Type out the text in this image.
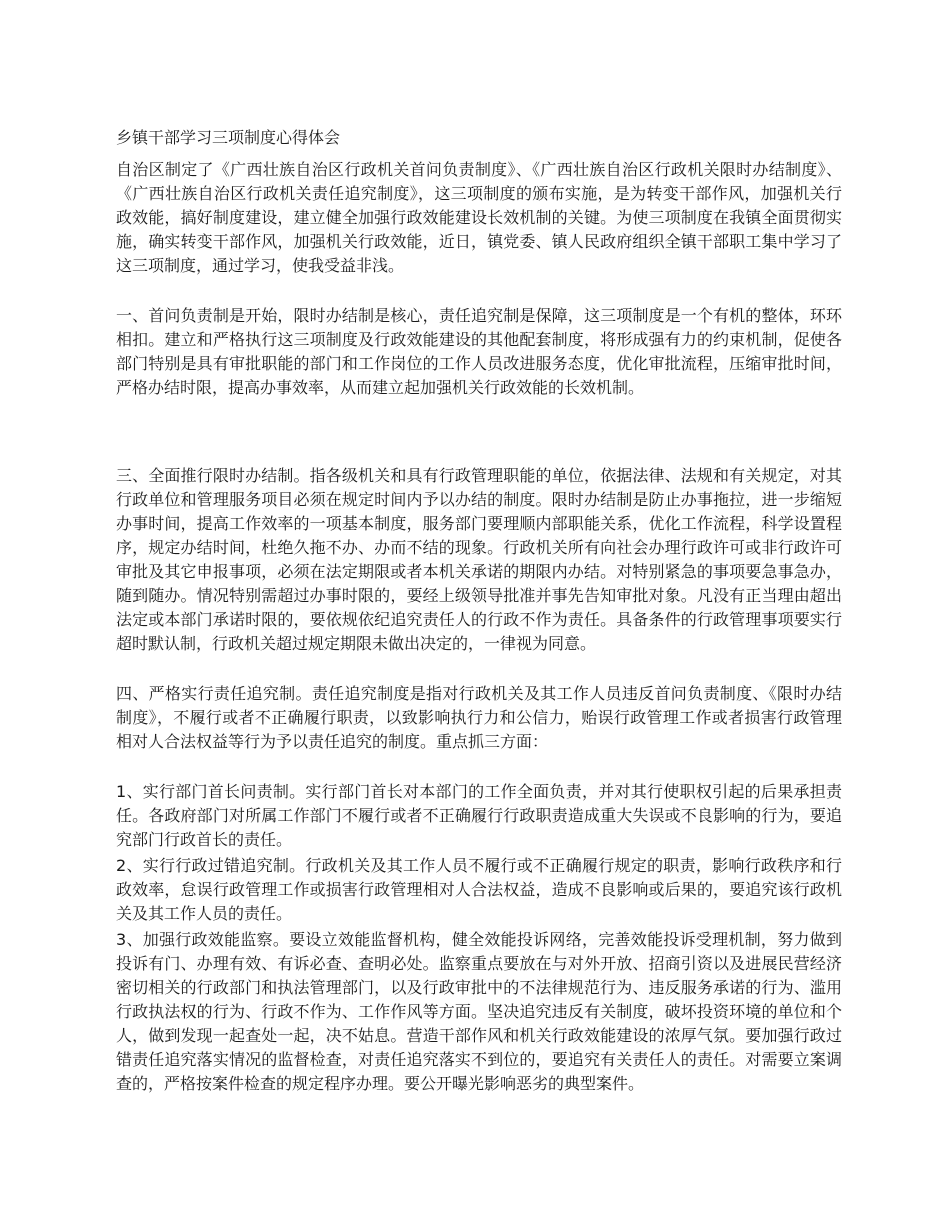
乡镇干部学习三项制度心得体会

自治区制定了《广西壮族自治区行政机关首问负责制度》、《广西壮族自治区行政机关限时办结制度》、《广西壮族自治区行政机关责任追究制度》，这三项制度的颁布实施，是为转变干部作风，加强机关行政效能，搞好制度建设，建立健全加强行政效能建设长效机制的关键。为使三项制度在我镇全面贯彻实施，确实转变干部作风，加强机关行政效能，近日，镇党委、镇人民政府组织全镇干部职工集中学习了这三项制度，通过学习，使我受益非浅。

一、首问负责制是开始，限时办结制是核心，责任追究制是保障，这三项制度是一个有机的整体，环环相扣。建立和严格执行这三项制度及行政效能建设的其他配套制度，将形成强有力的约束机制，促使各部门特别是具有审批职能的部门和工作岗位的工作人员改进服务态度，优化审批流程，压缩审批时间，严格办结时限，提高办事效率，从而建立起加强机关行政效能的长效机制。

三、全面推行限时办结制。指各级机关和具有行政管理职能的单位，依据法律、法规和有关规定，对其行政单位和管理服务项目必须在规定时间内予以办结的制度。限时办结制是防止办事拖拉，进一步缩短办事时间，提高工作效率的一项基本制度，服务部门要理顺内部职能关系，优化工作流程，科学设置程序，规定办结时间，杜绝久拖不办、办而不结的现象。行政机关所有向社会办理行政许可或非行政许可审批及其它申报事项，必须在法定期限或者本机关承诺的期限内办结。对特别紧急的事项要急事急办，随到随办。情况特别需超过办事时限的，要经上级领导批准并事先告知审批对象。凡没有正当理由超出法定或本部门承诺时限的，要依规依纪追究责任人的行政不作为责任。具备条件的行政管理事项要实行超时默认制，行政机关超过规定期限未做出决定的，一律视为同意。

四、严格实行责任追究制。责任追究制度是指对行政机关及其工作人员违反首问负责制度、《限时办结制度》，不履行或者不正确履行职责，以致影响执行力和公信力，贻误行政管理工作或者损害行政管理相对人合法权益等行为予以责任追究的制度。重点抓三方面：

1、实行部门首长问责制。实行部门首长对本部门的工作全面负责，并对其行使职权引起的后果承担责任。各政府部门对所属工作部门不履行或者不正确履行行政职责造成重大失误或不良影响的行为，要追究部门行政首长的责任。

2、实行行政过错追究制。行政机关及其工作人员不履行或不正确履行规定的职责，影响行政秩序和行政效率，怠误行政管理工作或损害行政管理相对人合法权益，造成不良影响或后果的，要追究该行政机关及其工作人员的责任。

3、加强行政效能监察。要设立效能监督机构，健全效能投诉网络，完善效能投诉受理机制，努力做到投诉有门、办理有效、有诉必查、查明必处。监察重点要放在与对外开放、招商引资以及进展民营经济密切相关的行政部门和执法管理部门，以及行政审批中的不法律规范行为、违反服务承诺的行为、滥用行政执法权的行为、行政不作为、工作作风等方面。坚决追究违反有关制度，破坏投资环境的单位和个人，做到发现一起查处一起，决不姑息。营造干部作风和机关行政效能建设的浓厚气氛。要加强行政过错责任追究落实情况的监督检查，对责任追究落实不到位的，要追究有关责任人的责任。对需要立案调查的，严格按案件检查的规定程序办理。要公开曝光影响恶劣的典型案件。
